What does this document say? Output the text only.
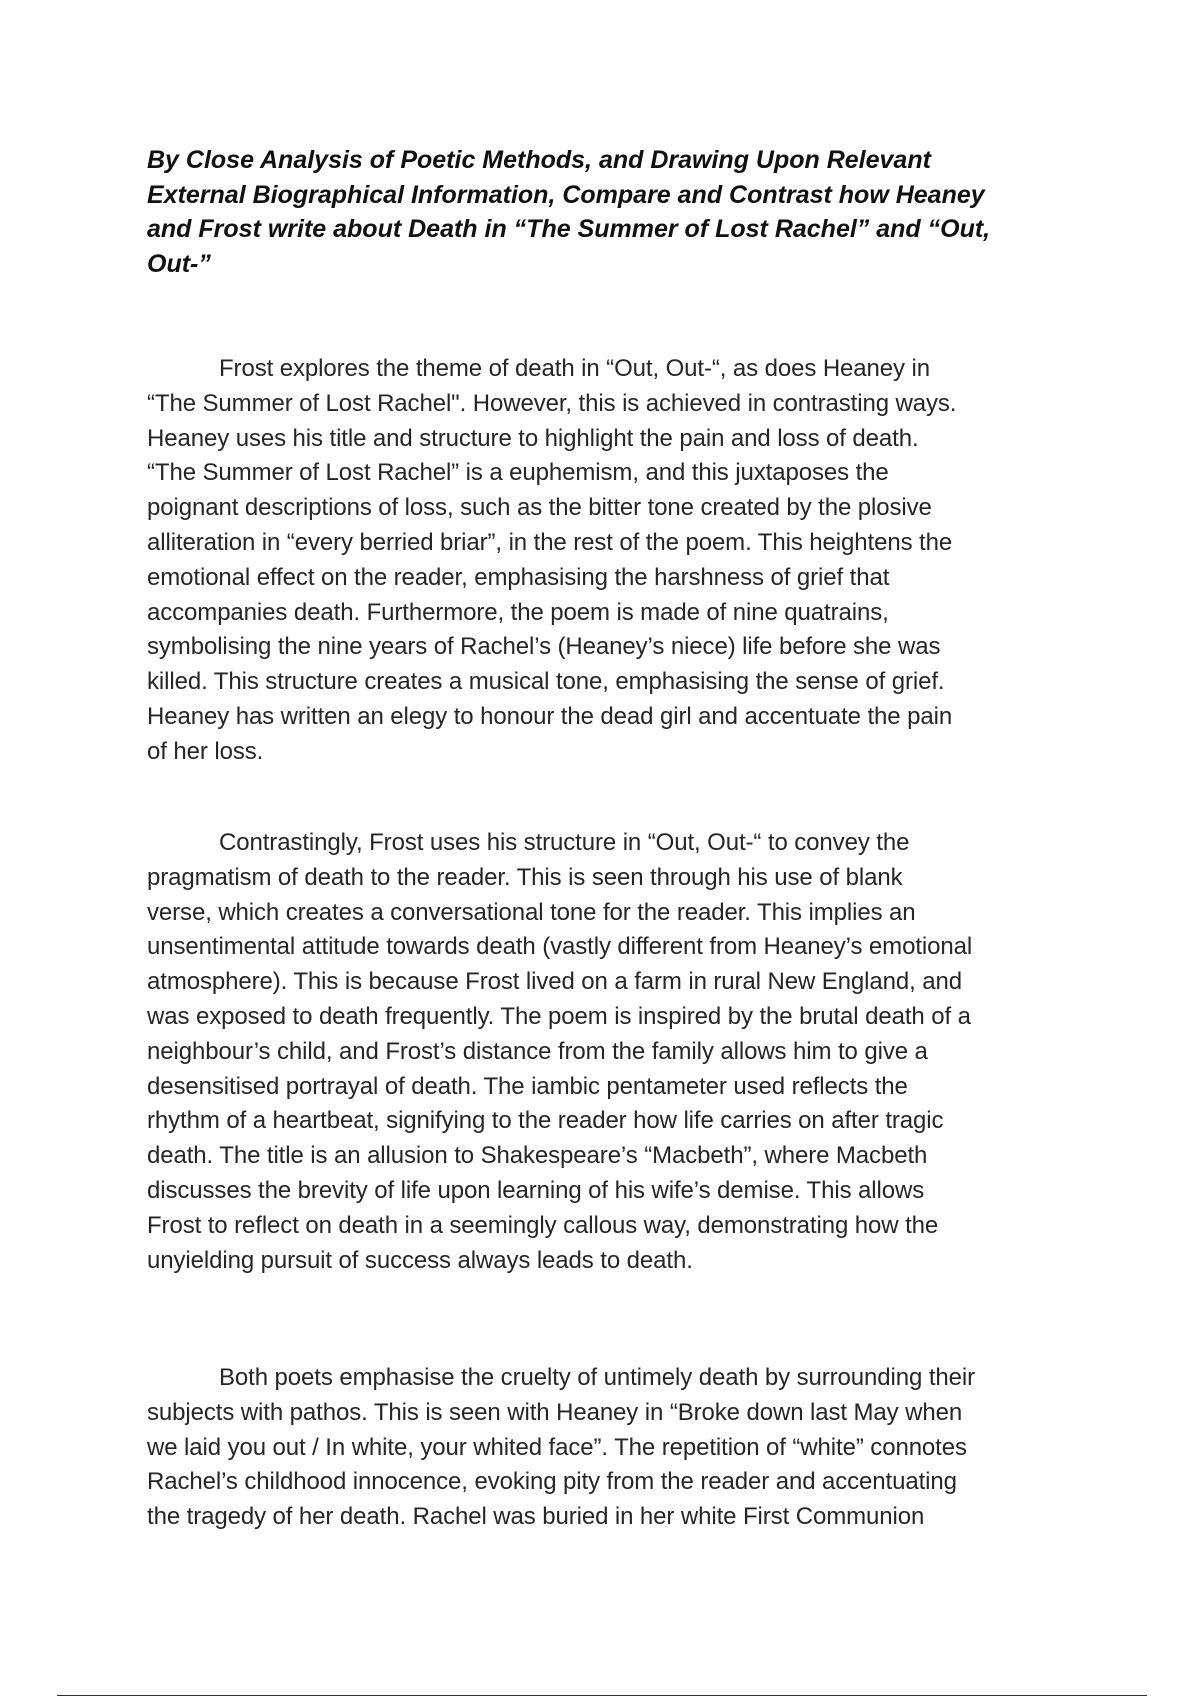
By Close Analysis of Poetic Methods, and Drawing Upon Relevant
External Biographical Information, Compare and Contrast how Heaney
and Frost write about Death in “The Summer of Lost Rachel” and “Out,
Out-”

Frost explores the theme of death in “Out, Out-“, as does Heaney in
“The Summer of Lost Rachel". However, this is achieved in contrasting ways.
Heaney uses his title and structure to highlight the pain and loss of death.
“The Summer of Lost Rachel” is a euphemism, and this juxtaposes the
poignant descriptions of loss, such as the bitter tone created by the plosive
alliteration in “every berried briar”, in the rest of the poem. This heightens the
emotional effect on the reader, emphasising the harshness of grief that
accompanies death. Furthermore, the poem is made of nine quatrains,
symbolising the nine years of Rachel’s (Heaney’s niece) life before she was
killed. This structure creates a musical tone, emphasising the sense of grief.
Heaney has written an elegy to honour the dead girl and accentuate the pain
of her loss.

Contrastingly, Frost uses his structure in “Out, Out-“ to convey the
pragmatism of death to the reader. This is seen through his use of blank
verse, which creates a conversational tone for the reader. This implies an
unsentimental attitude towards death (vastly different from Heaney’s emotional
atmosphere). This is because Frost lived on a farm in rural New England, and
was exposed to death frequently. The poem is inspired by the brutal death of a
neighbour’s child, and Frost’s distance from the family allows him to give a
desensitised portrayal of death. The iambic pentameter used reflects the
rhythm of a heartbeat, signifying to the reader how life carries on after tragic
death. The title is an allusion to Shakespeare’s “Macbeth”, where Macbeth
discusses the brevity of life upon learning of his wife’s demise. This allows
Frost to reflect on death in a seemingly callous way, demonstrating how the
unyielding pursuit of success always leads to death.

Both poets emphasise the cruelty of untimely death by surrounding their
subjects with pathos. This is seen with Heaney in “Broke down last May when
we laid you out / In white, your whited face”. The repetition of “white” connotes
Rachel’s childhood innocence, evoking pity from the reader and accentuating
the tragedy of her death. Rachel was buried in her white First Communion
